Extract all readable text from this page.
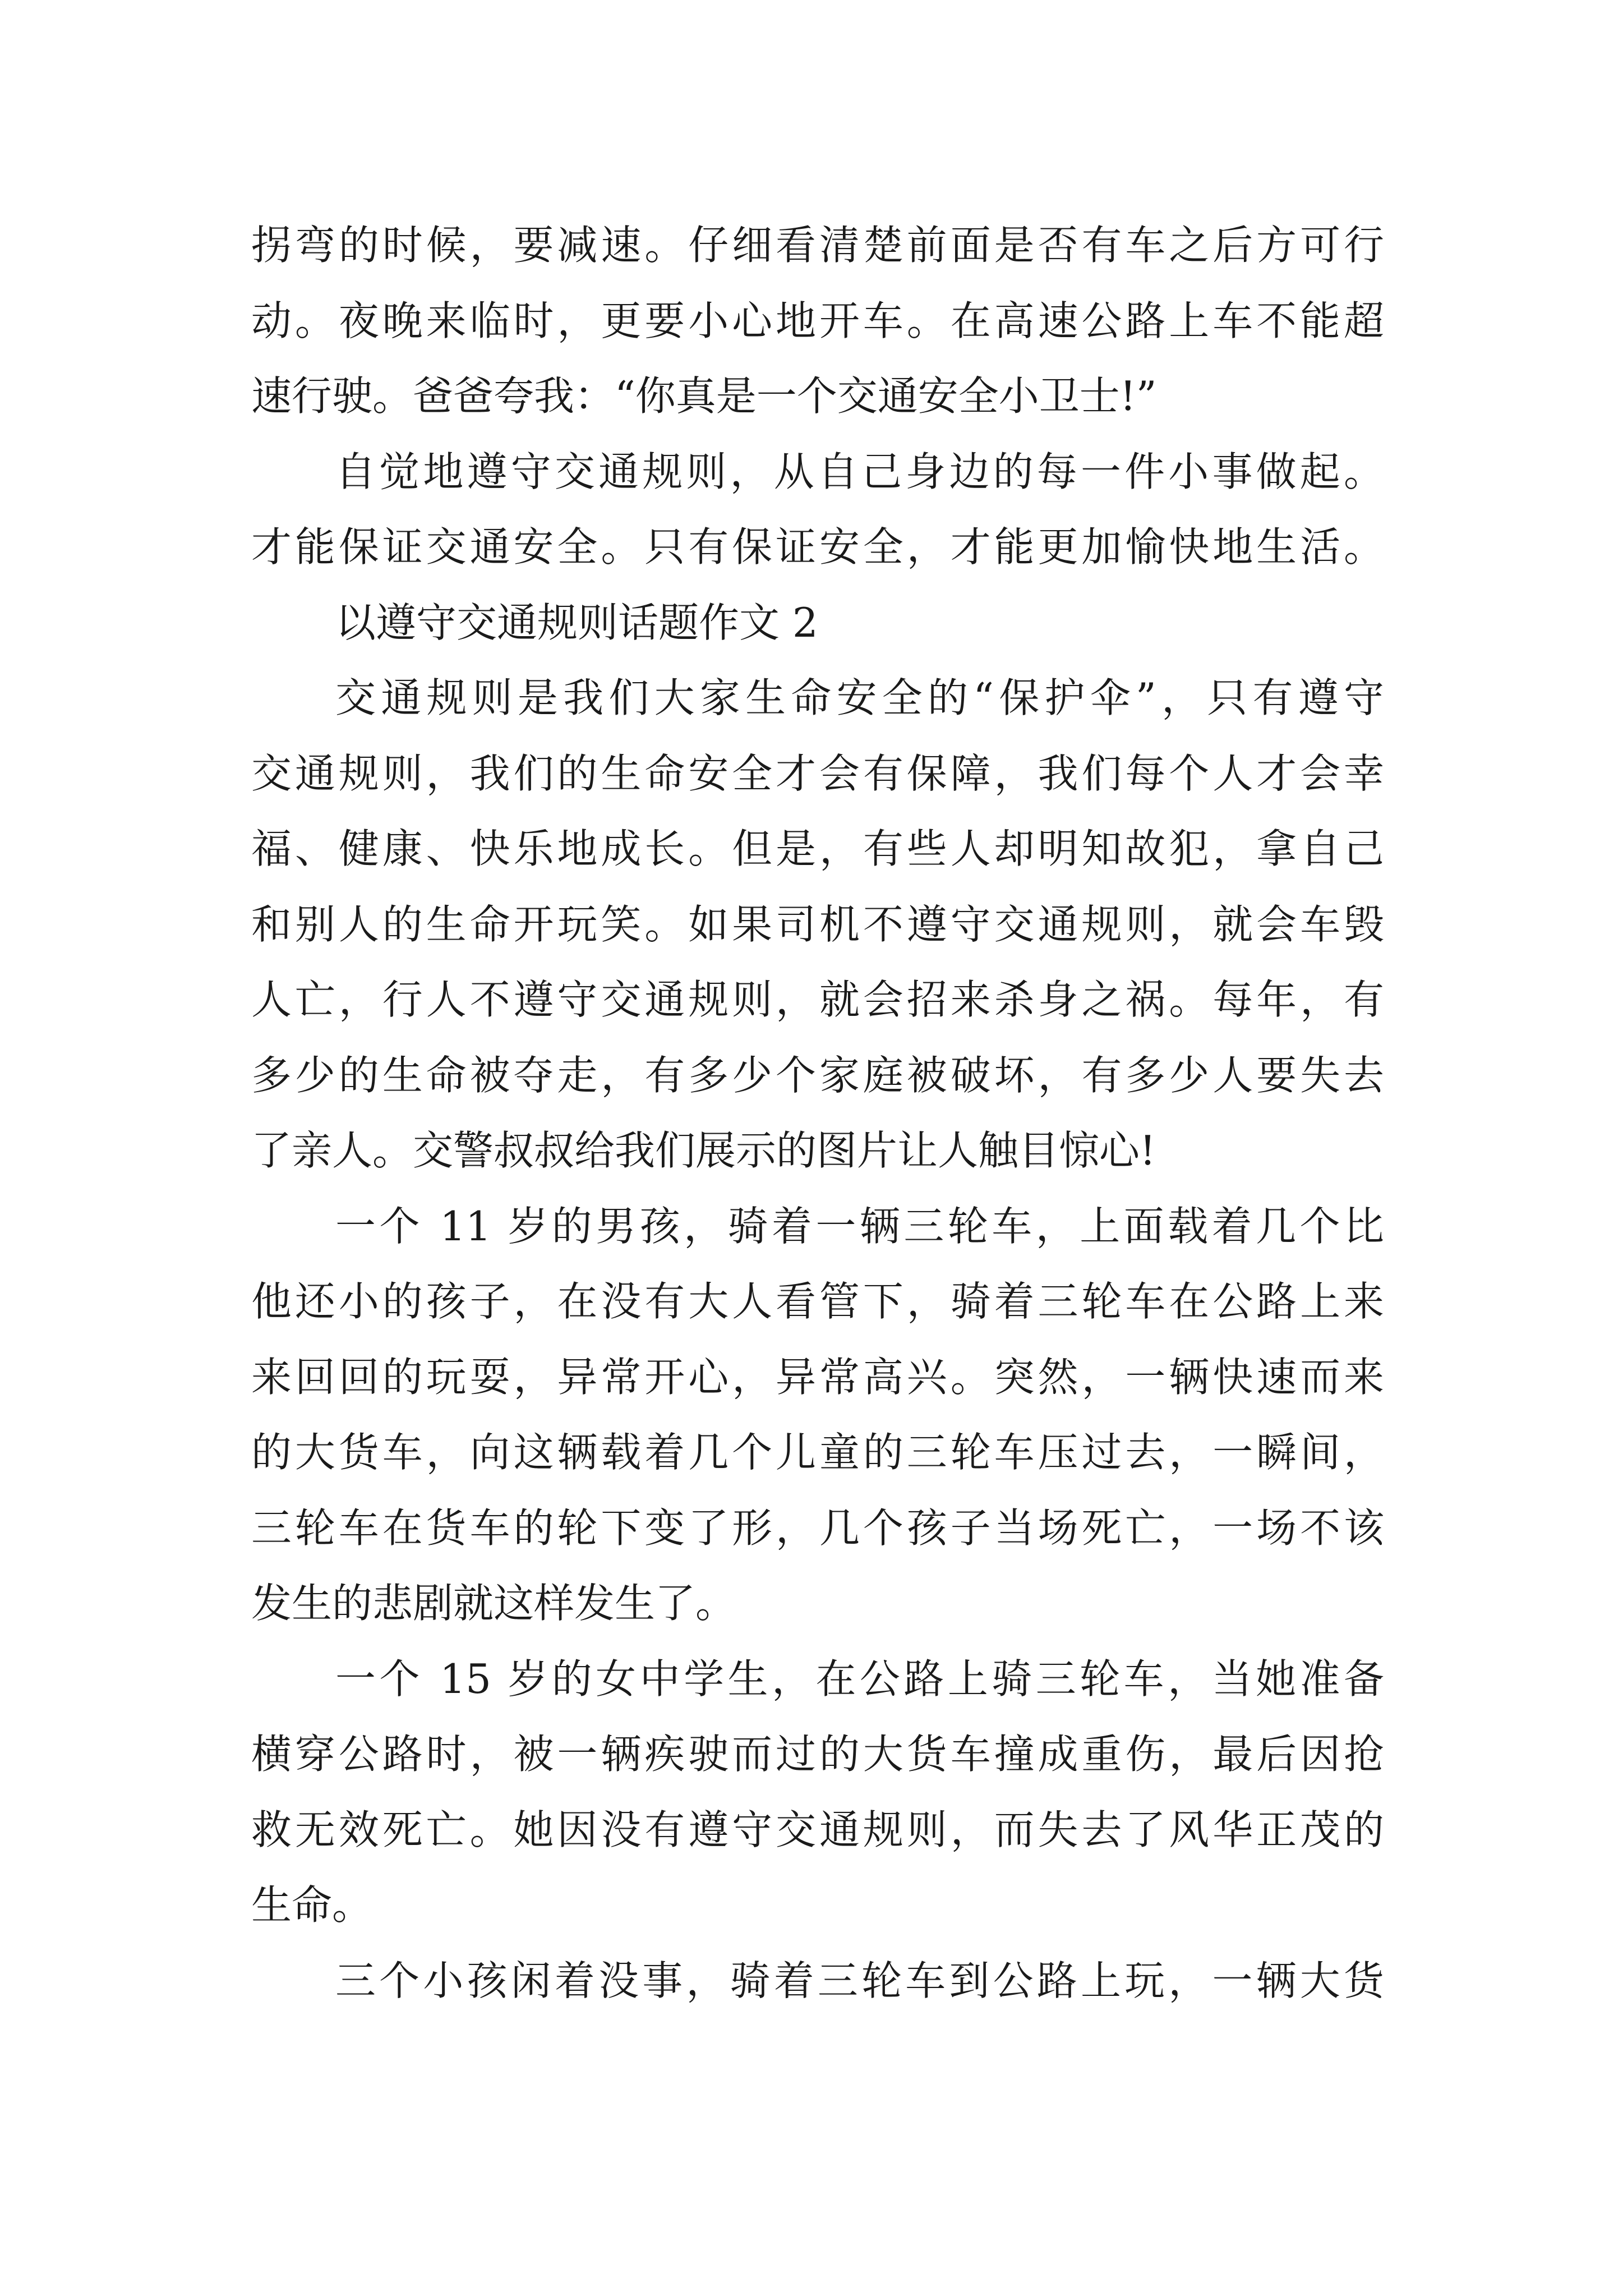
拐弯的时候，要减速。仔细看清楚前面是否有车之后方可行
动。夜晚来临时，更要小心地开车。在高速公路上车不能超
速行驶。爸爸夸我：“你真是一个交通安全小卫士!”
自觉地遵守交通规则，从自己身边的每一件小事做起。
才能保证交通安全。只有保证安全，才能更加愉快地生活。
以遵守交通规则话题作文 2
交通规则是我们大家生命安全的“保护伞”，只有遵守
交通规则，我们的生命安全才会有保障，我们每个人才会幸
福、健康、快乐地成长。但是，有些人却明知故犯，拿自己
和别人的生命开玩笑。如果司机不遵守交通规则，就会车毁
人亡，行人不遵守交通规则，就会招来杀身之祸。每年，有
多少的生命被夺走，有多少个家庭被破坏，有多少人要失去
了亲人。交警叔叔给我们展示的图片让人触目惊心!
一个 11 岁的男孩，骑着一辆三轮车，上面载着几个比
他还小的孩子，在没有大人看管下，骑着三轮车在公路上来
来回回的玩耍，异常开心，异常高兴。突然，一辆快速而来
的大货车，向这辆载着几个儿童的三轮车压过去，一瞬间，
三轮车在货车的轮下变了形，几个孩子当场死亡，一场不该
发生的悲剧就这样发生了。
一个 15 岁的女中学生，在公路上骑三轮车，当她准备
横穿公路时，被一辆疾驶而过的大货车撞成重伤，最后因抢
救无效死亡。她因没有遵守交通规则，而失去了风华正茂的
生命。
三个小孩闲着没事，骑着三轮车到公路上玩，一辆大货
